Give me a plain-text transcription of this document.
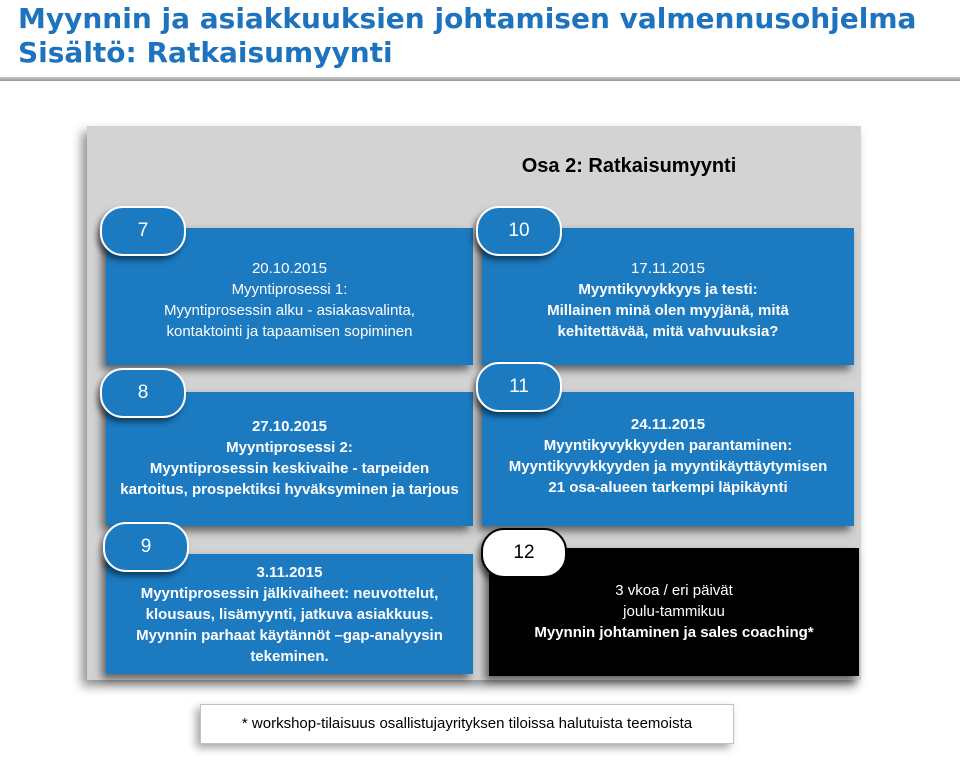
Myynnin ja asiakkuuksien johtamisen valmennusohjelma
Sisältö: Ratkaisumyynti
Osa 2: Ratkaisumyynti
20.10.2015
Myyntiprosessi 1:
Myyntiprosessin alku - asiakasvalinta,
kontaktointi ja tapaamisen sopiminen
7
27.10.2015
Myyntiprosessi 2:
Myyntiprosessin keskivaihe - tarpeiden
kartoitus, prospektiksi hyväksyminen ja tarjous
8
3.11.2015
Myyntiprosessin jälkivaiheet: neuvottelut,
klousaus, lisämyynti, jatkuva asiakkuus.
Myynnin parhaat käytännöt –gap-analyysin
tekeminen.
9
17.11.2015
Myyntikyvykkyys ja testi:
Millainen minä olen myyjänä, mitä
kehitettävää, mitä vahvuuksia?
10
24.11.2015
Myyntikyvykkyyden parantaminen:
Myyntikyvykkyyden ja myyntikäyttäytymisen
21 osa-alueen tarkempi läpikäynti
11
3 vkoa / eri päivät
joulu-tammikuu
Myynnin johtaminen ja sales coaching*
12
* workshop-tilaisuus osallistujayrityksen tiloissa halutuista teemoista
